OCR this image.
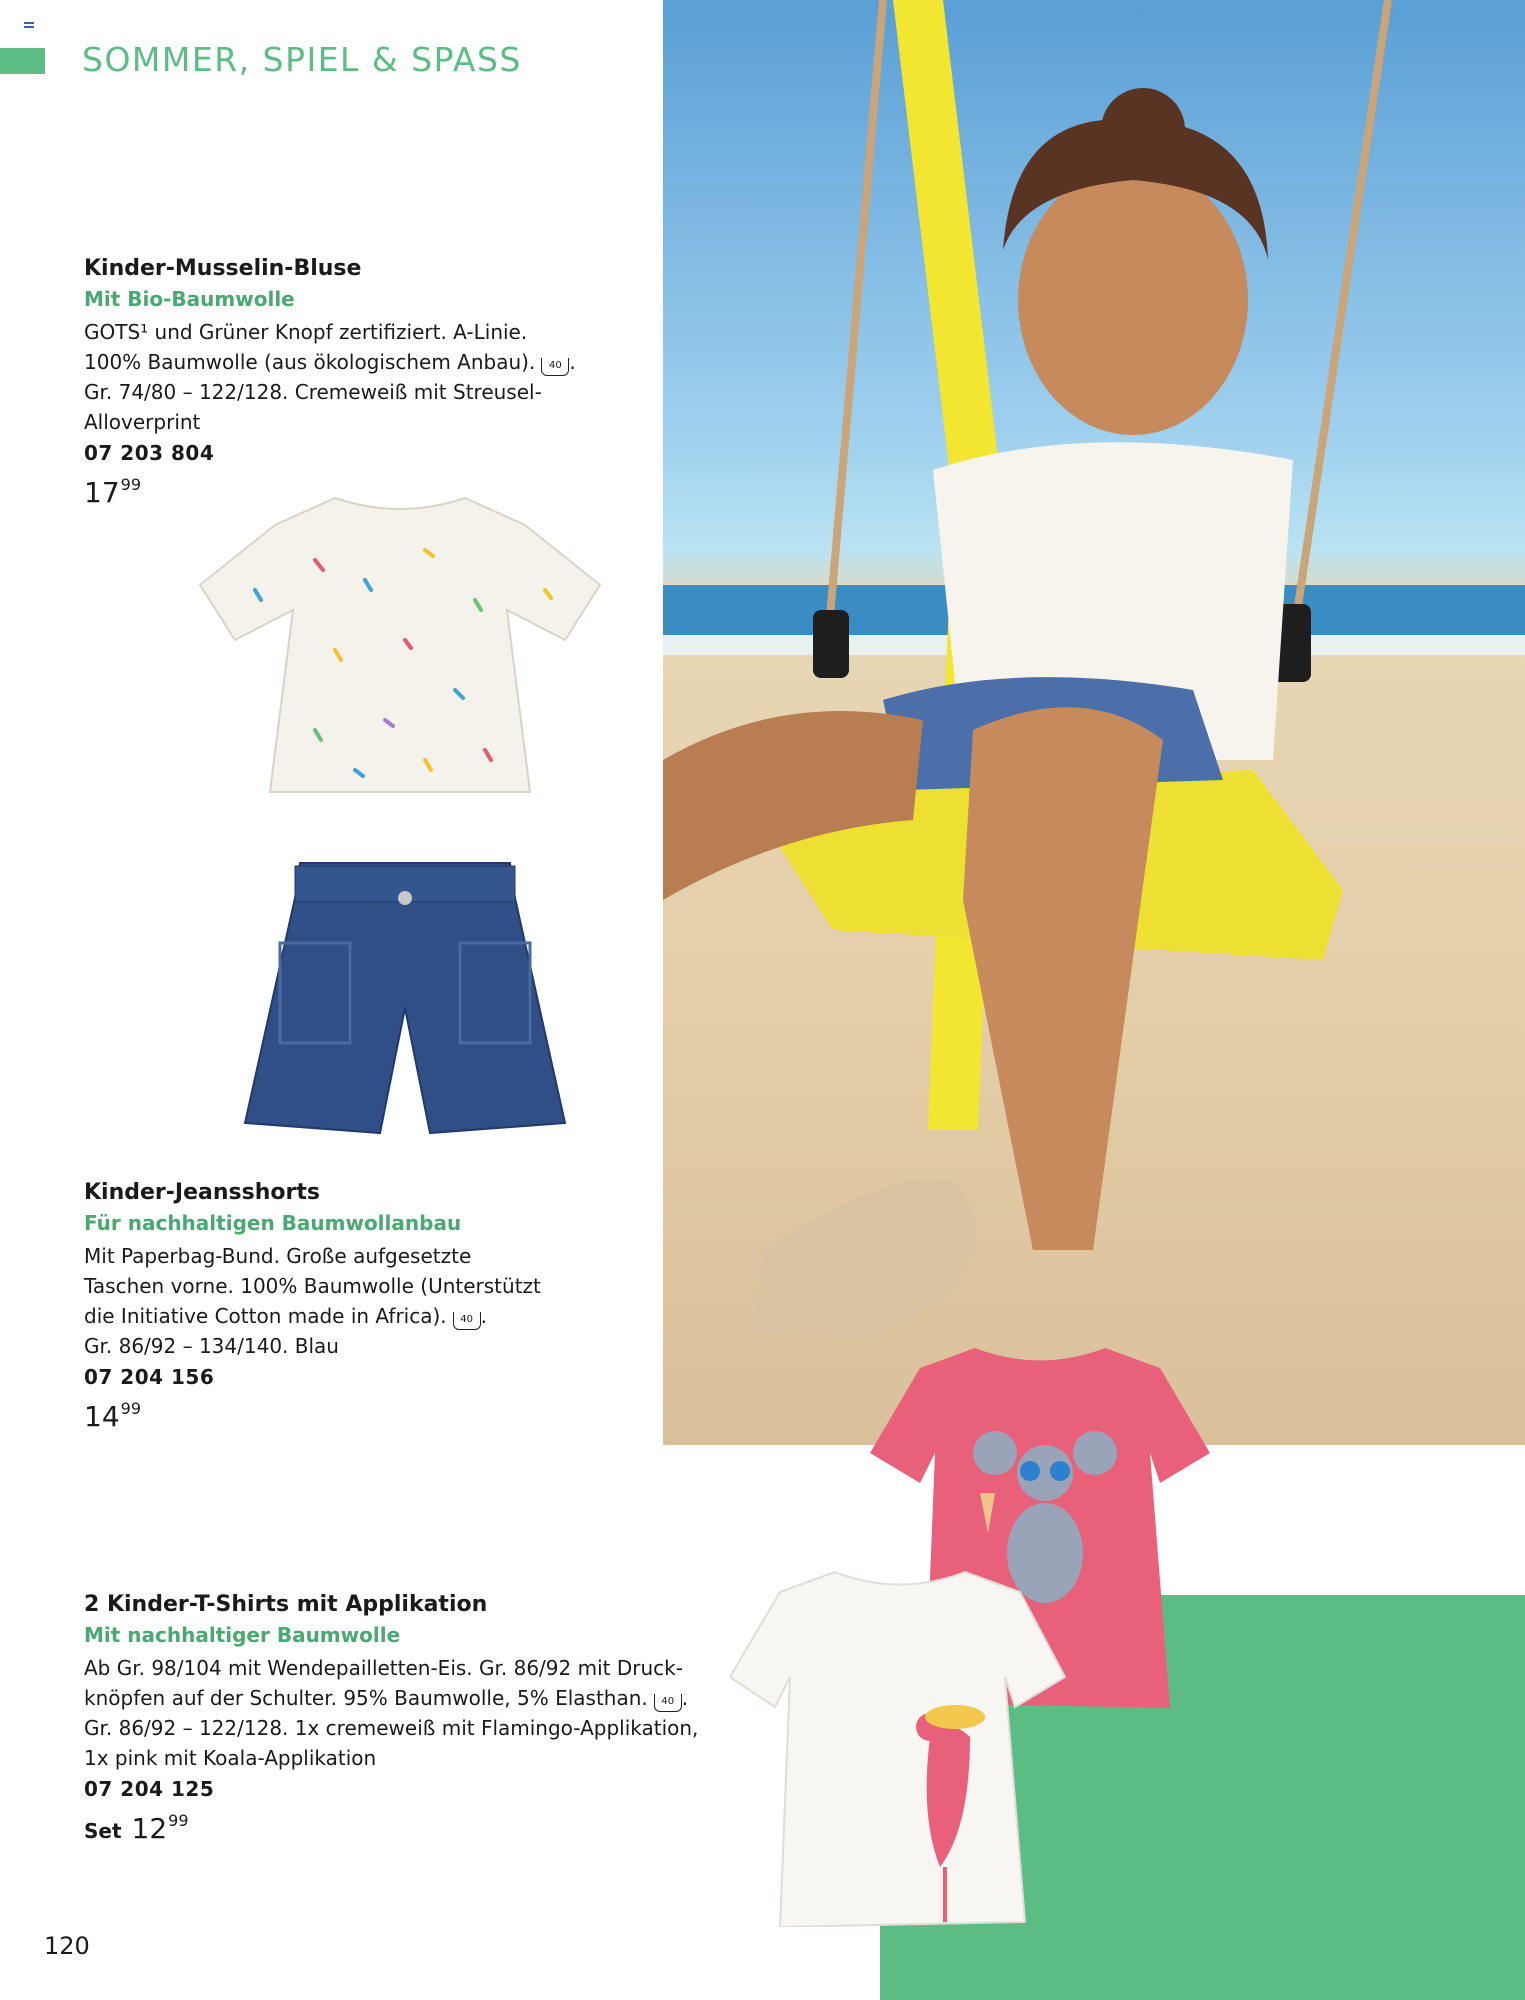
SOMMER, SPIEL & SPASS
Kinder-Musselin-Bluse
Mit Bio-Baumwolle
GOTS¹ und Grüner Knopf zertifiziert. A-Linie.
100% Baumwolle (aus ökologischem Anbau). 40 .
Gr. 74/80 – 122/128. Cremeweiß mit Streusel-
Alloverprint
07 203 804
$17^{99}$
Kinder-Jeansshorts
Für nachhaltigen Baumwollanbau
Mit Paperbag-Bund. Große aufgesetzte
Taschen vorne. 100% Baumwolle (Unterstützt
die Initiative Cotton made in Africa). 40 .
Gr. 86/92 – 134/140. Blau
07 204 156
$14^{99}$
2 Kinder-T-Shirts mit Applikation
Mit nachhaltiger Baumwolle
Ab Gr. 98/104 mit Wendepailletten-Eis. Gr. 86/92 mit Druck-
knöpfen auf der Schulter. 95% Baumwolle, 5% Elasthan. 40 .
Gr. 86/92 – 122/128. 1x cremeweiß mit Flamingo-Applikation,
1x pink mit Koala-Applikation
07 204 125
Set $12^{99}$
120
